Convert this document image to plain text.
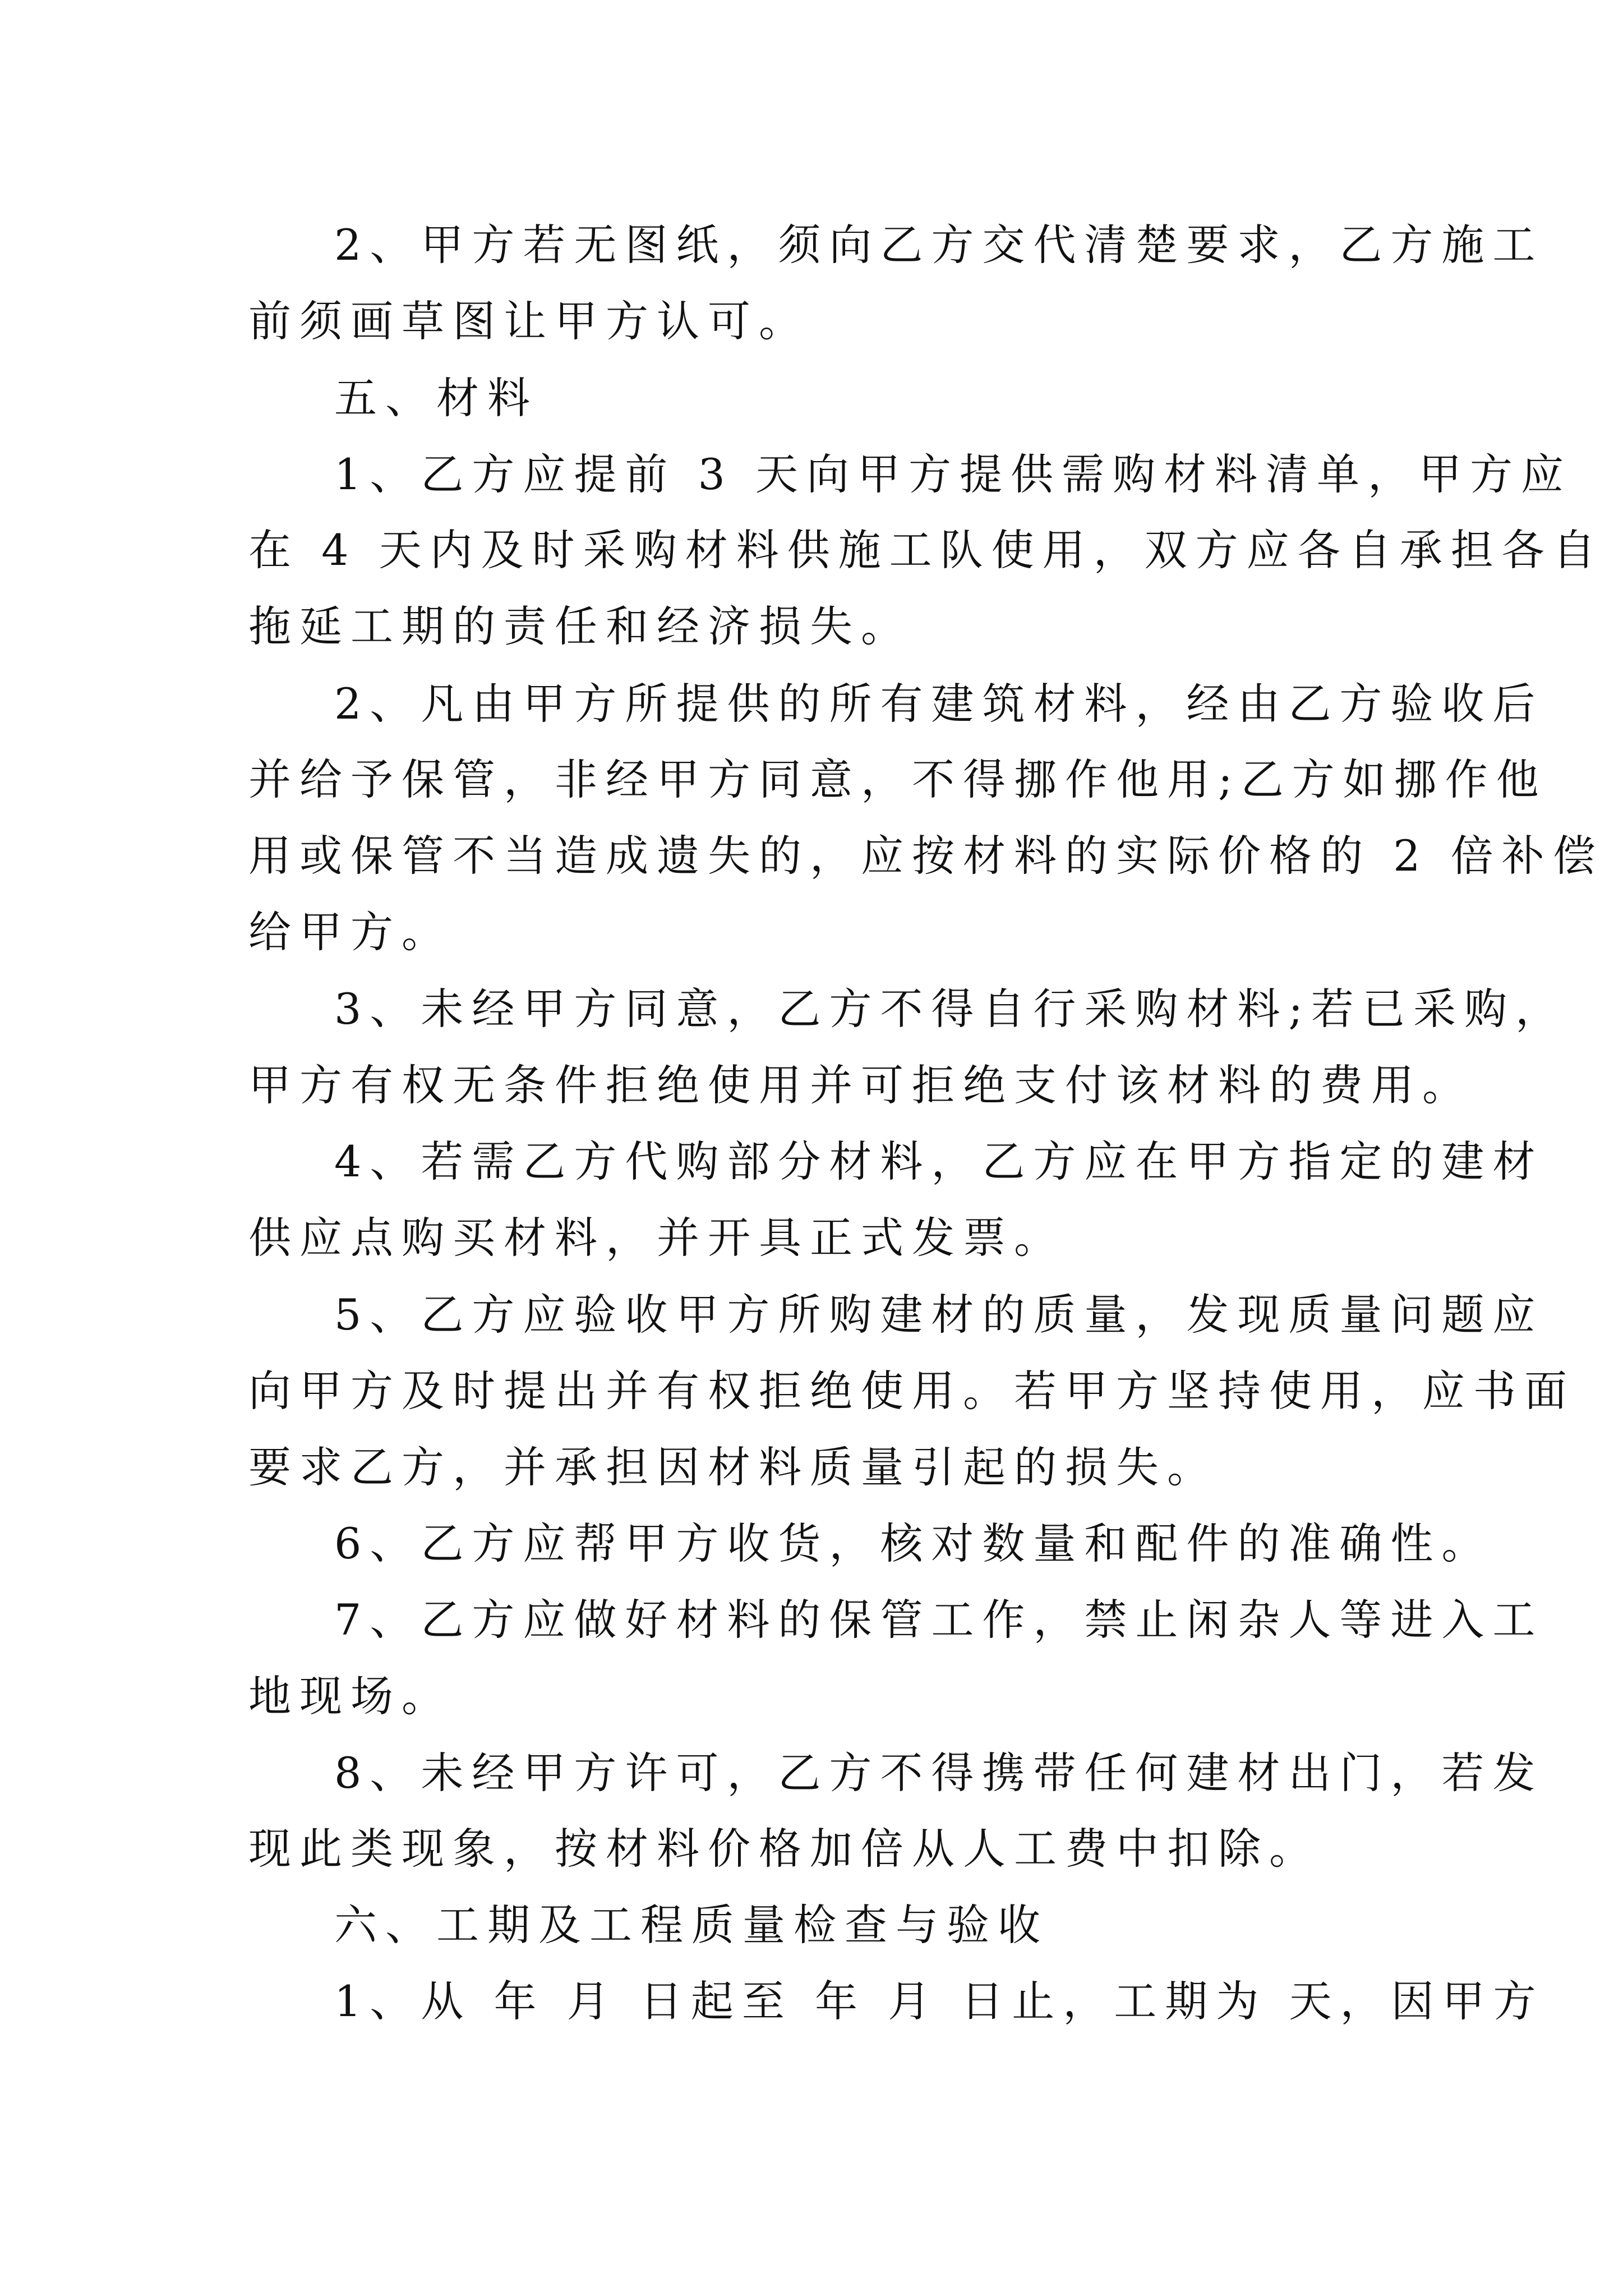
2、甲方若无图纸，须向乙方交代清楚要求，乙方施工
前须画草图让甲方认可。
五、材料
1、乙方应提前 3 天向甲方提供需购材料清单，甲方应
在 4 天内及时采购材料供施工队使用，双方应各自承担各自
拖延工期的责任和经济损失。
2、凡由甲方所提供的所有建筑材料，经由乙方验收后
并给予保管，非经甲方同意，不得挪作他用;乙方如挪作他
用或保管不当造成遗失的，应按材料的实际价格的 2 倍补偿
给甲方。
3、未经甲方同意，乙方不得自行采购材料;若已采购，
甲方有权无条件拒绝使用并可拒绝支付该材料的费用。
4、若需乙方代购部分材料，乙方应在甲方指定的建材
供应点购买材料，并开具正式发票。
5、乙方应验收甲方所购建材的质量，发现质量问题应
向甲方及时提出并有权拒绝使用。若甲方坚持使用，应书面
要求乙方，并承担因材料质量引起的损失。
6、乙方应帮甲方收货，核对数量和配件的准确性。
7、乙方应做好材料的保管工作，禁止闲杂人等进入工
地现场。
8、未经甲方许可，乙方不得携带任何建材出门，若发
现此类现象，按材料价格加倍从人工费中扣除。
六、工期及工程质量检查与验收
1、从 年 月 日起至 年 月 日止，工期为 天，因甲方
